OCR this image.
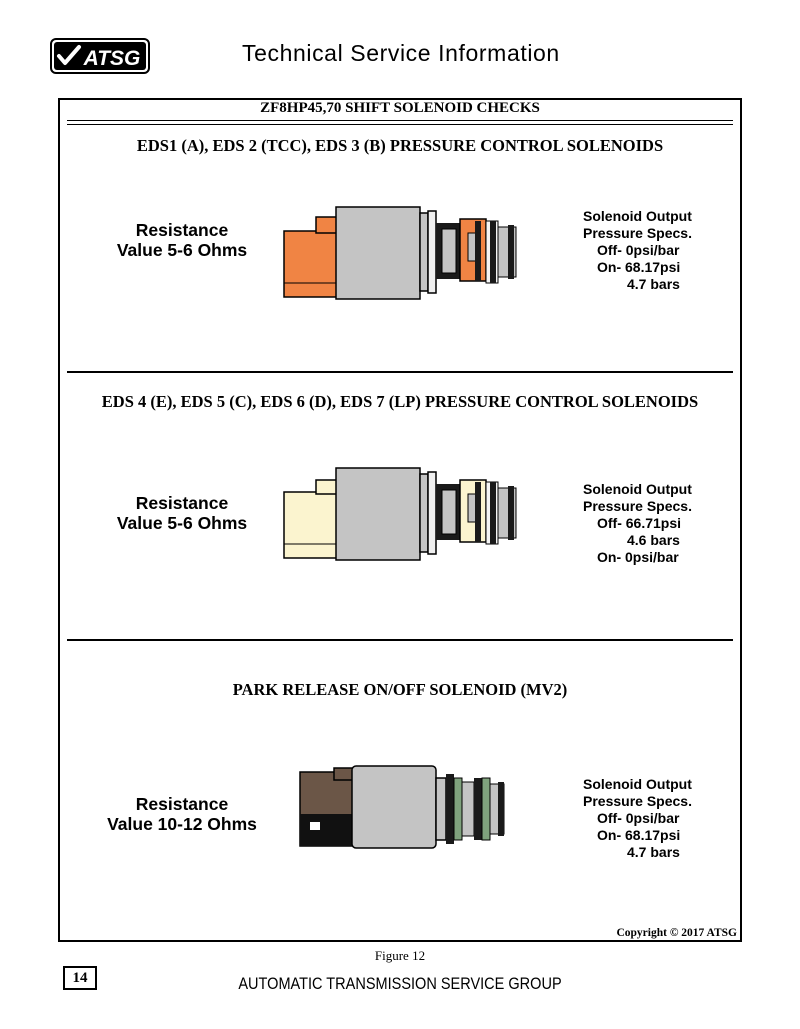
ATSG	Technical Service Information
ZF8HP45,70 SHIFT SOLENOID CHECKS
EDS1 (A), EDS 2 (TCC), EDS 3 (B) PRESSURE CONTROL SOLENOIDS
Resistance
Value 5-6 Ohms
Solenoid Output
Pressure Specs.
Off- 0psi/bar
On- 68.17psi
4.7 bars
EDS 4 (E), EDS 5 (C), EDS 6 (D), EDS 7 (LP) PRESSURE CONTROL SOLENOIDS
Resistance
Value 5-6 Ohms
Solenoid Output
Pressure Specs.
Off- 66.71psi
4.6 bars
On- 0psi/bar
PARK RELEASE ON/OFF SOLENOID (MV2)
Resistance
Value 10-12 Ohms
Solenoid Output
Pressure Specs.
Off- 0psi/bar
On- 68.17psi
4.7 bars
Copyright © 2017 ATSG
Figure 12
14	AUTOMATIC TRANSMISSION SERVICE GROUP
